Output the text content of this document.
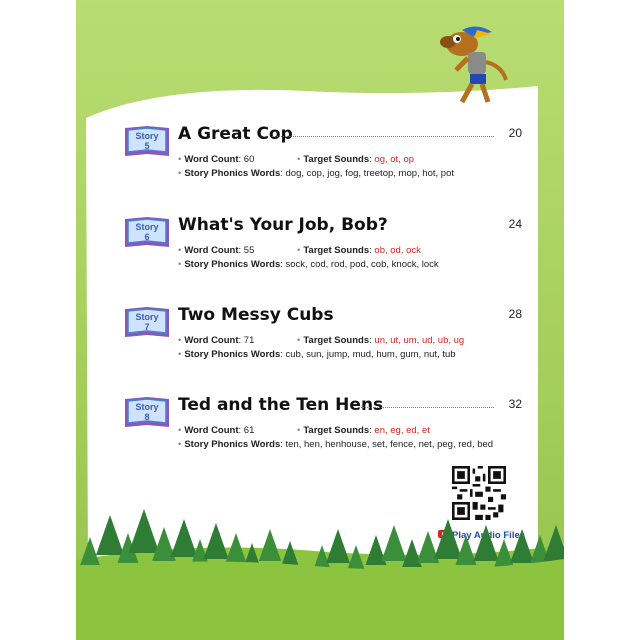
Story
5
A Great Cop	20
• Word Count: 60	• Target Sounds: og, ot, op
• Story Phonics Words: dog, cop, jog, fog, treetop, mop, hot, pot
Story
6
What's Your Job, Bob?	24
• Word Count: 55	• Target Sounds: ob, od, ock
• Story Phonics Words: sock, cod, rod, pod, cob, knock, lock
Story
7
Two Messy Cubs	28
• Word Count: 71	• Target Sounds: un, ut, um, ud, ub, ug
• Story Phonics Words: cub, sun, jump, mud, hum, gum, nut, tub
Story
8
Ted and the Ten Hens	32
• Word Count: 61	• Target Sounds: en, eg, ed, et
• Story Phonics Words: ten, hen, henhouse, set, fence, net, peg, red, bed
Play Files
